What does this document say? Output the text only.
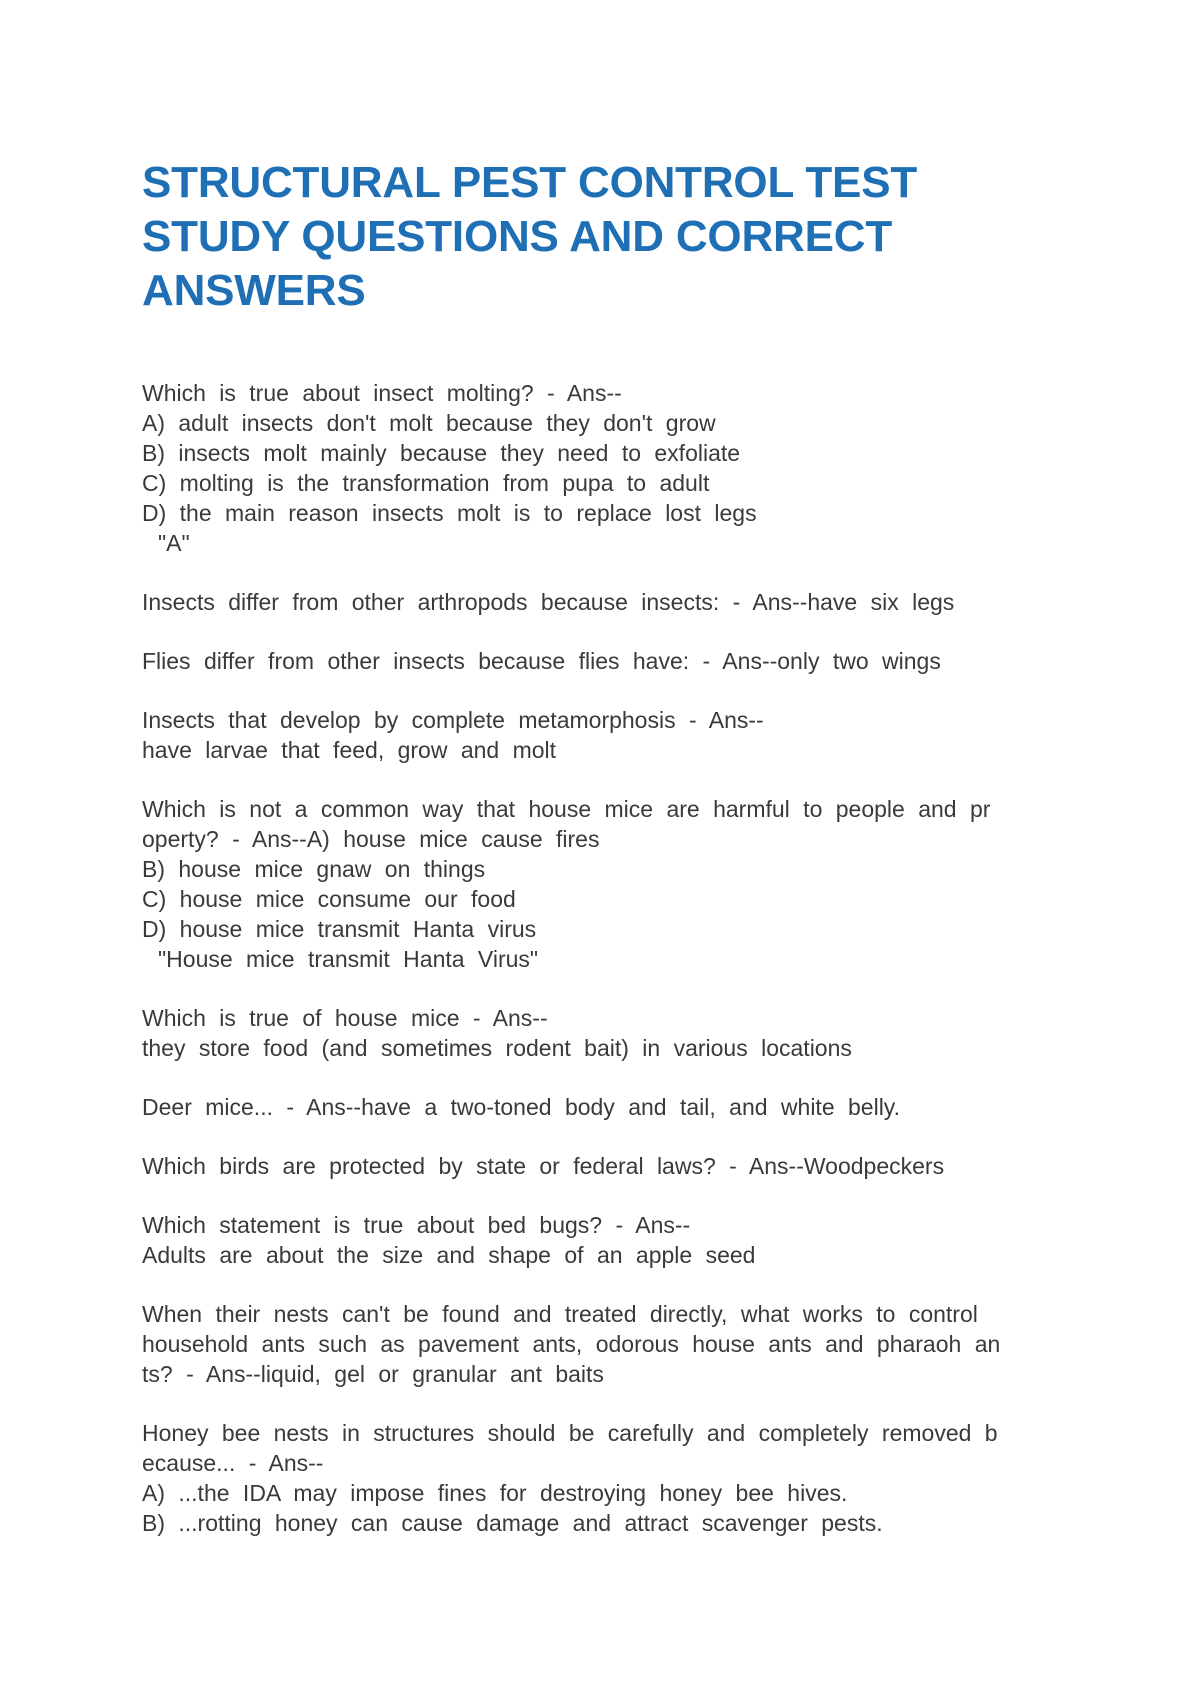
STRUCTURAL PEST CONTROL TEST
STUDY QUESTIONS AND CORRECT
ANSWERS
Which is true about insect molting? - Ans--
A) adult insects don't molt because they don't grow
B) insects molt mainly because they need to exfoliate
C) molting is the transformation from pupa to adult
D) the main reason insects molt is to replace lost legs
"A"
Insects differ from other arthropods because insects: - Ans--have six legs
Flies differ from other insects because flies have: - Ans--only two wings
Insects that develop by complete metamorphosis - Ans--
have larvae that feed, grow and molt
Which is not a common way that house mice are harmful to people and pr
operty? - Ans--A) house mice cause fires
B) house mice gnaw on things
C) house mice consume our food
D) house mice transmit Hanta virus
"House mice transmit Hanta Virus"
Which is true of house mice - Ans--
they store food (and sometimes rodent bait) in various locations
Deer mice... - Ans--have a two-toned body and tail, and white belly.
Which birds are protected by state or federal laws? - Ans--Woodpeckers
Which statement is true about bed bugs? - Ans--
Adults are about the size and shape of an apple seed
When their nests can't be found and treated directly, what works to control
household ants such as pavement ants, odorous house ants and pharaoh an
ts? - Ans--liquid, gel or granular ant baits
Honey bee nests in structures should be carefully and completely removed b
ecause... - Ans--
A) ...the IDA may impose fines for destroying honey bee hives.
B) ...rotting honey can cause damage and attract scavenger pests.
